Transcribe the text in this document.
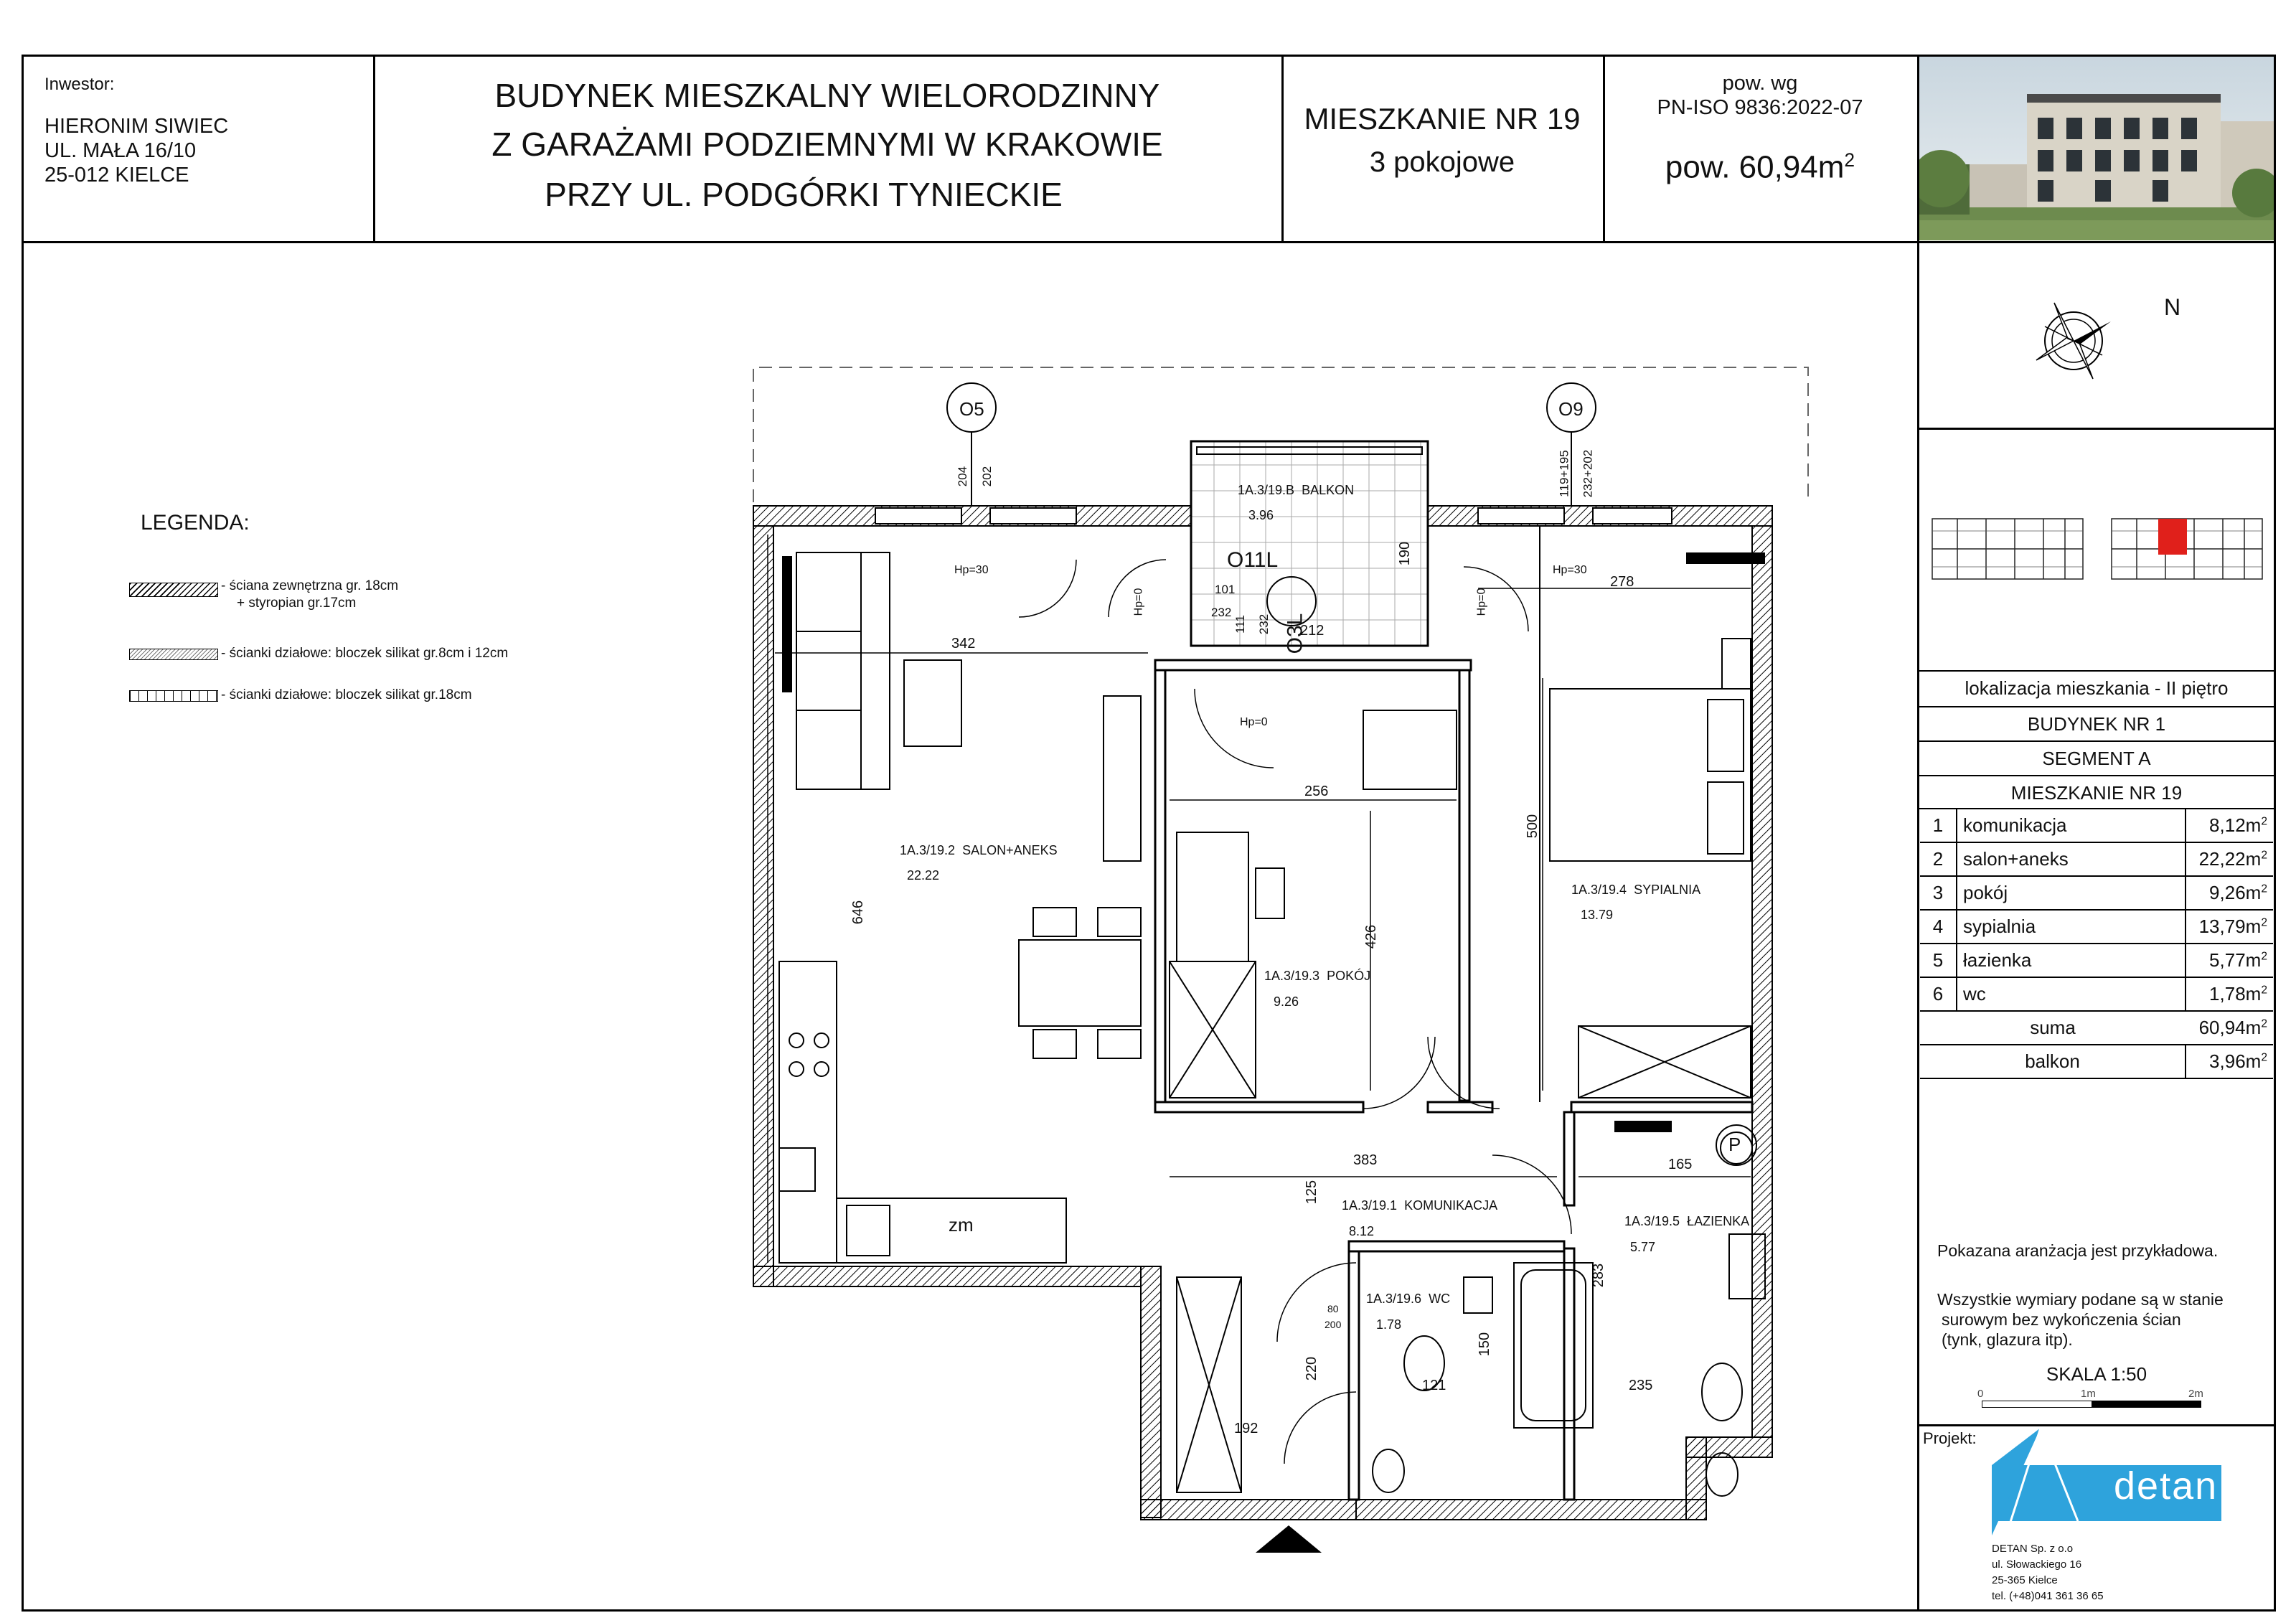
Inwestor:
HIERONIM SIWIEC
UL. MAŁA 16/10
25-012 KIELCE
BUDYNEK MIESZKALNY WIELORODZINNY
Z GARAŻAMI PODZIEMNYMI W KRAKOWIE
PRZY UL. PODGÓRKI TYNIECKIE
MIESZKANIE NR 19
3 pokojowe
pow. wg
PN-ISO 9836:2022-07
pow. $60,94m^2$
N
lokalizacja mieszkania - II piętro
BUDYNEK NR 1
SEGMENT A
MIESZKANIE NR 19
1	komunikacja	$8,12m^2$
2	salon+aneks	$22,22m^2$
3	pokój	$9,26m^2$
4	sypialnia	$13,79m^2$
5	łazienka	$5,77m^2$
6	wc	$1,78m^2$
suma		$60,94m^2$
balkon		$3,96m^2$
Pokazana aranżacja jest przykładowa.
Wszystkie wymiary podane są w stanie
surowym bez wykończenia ścian
(tynk, glazura itp).
SKALA 1:50
0	1m	2m
Projekt:
detan
DETAN Sp. z o.o
ul. Słowackiego 16
25-365 Kielce
tel. (+48)041 361 36 65
LEGENDA:
- ściana zewnętrzna gr. 18cm
+ styropian gr.17cm
- ścianki działowe: bloczek silikat gr.8cm i 12cm
- ścianki działowe: bloczek silikat gr.18cm
O5	O9
O11L
O3L
1A.3/19.B BALKON
3.96
1A.3/19.2 SALON+ANEKS
22.22
1A.3/19.3 POKÓJ
9.26
1A.3/19.4 SYPIALNIA
13.79
1A.3/19.1 KOMUNIKACJA
8.12
1A.3/19.5 ŁAZIENKA
5.77
1A.3/19.6 WC
1.78
342
646
256
426
500
278
212
190
383	165
125
283
150
121	235
220
192
101
232
111 232
204 202	119+195 232+202
80
200
Hp=30
Hp=0
Hp=0
Hp=0
Hp=30
zm
P
